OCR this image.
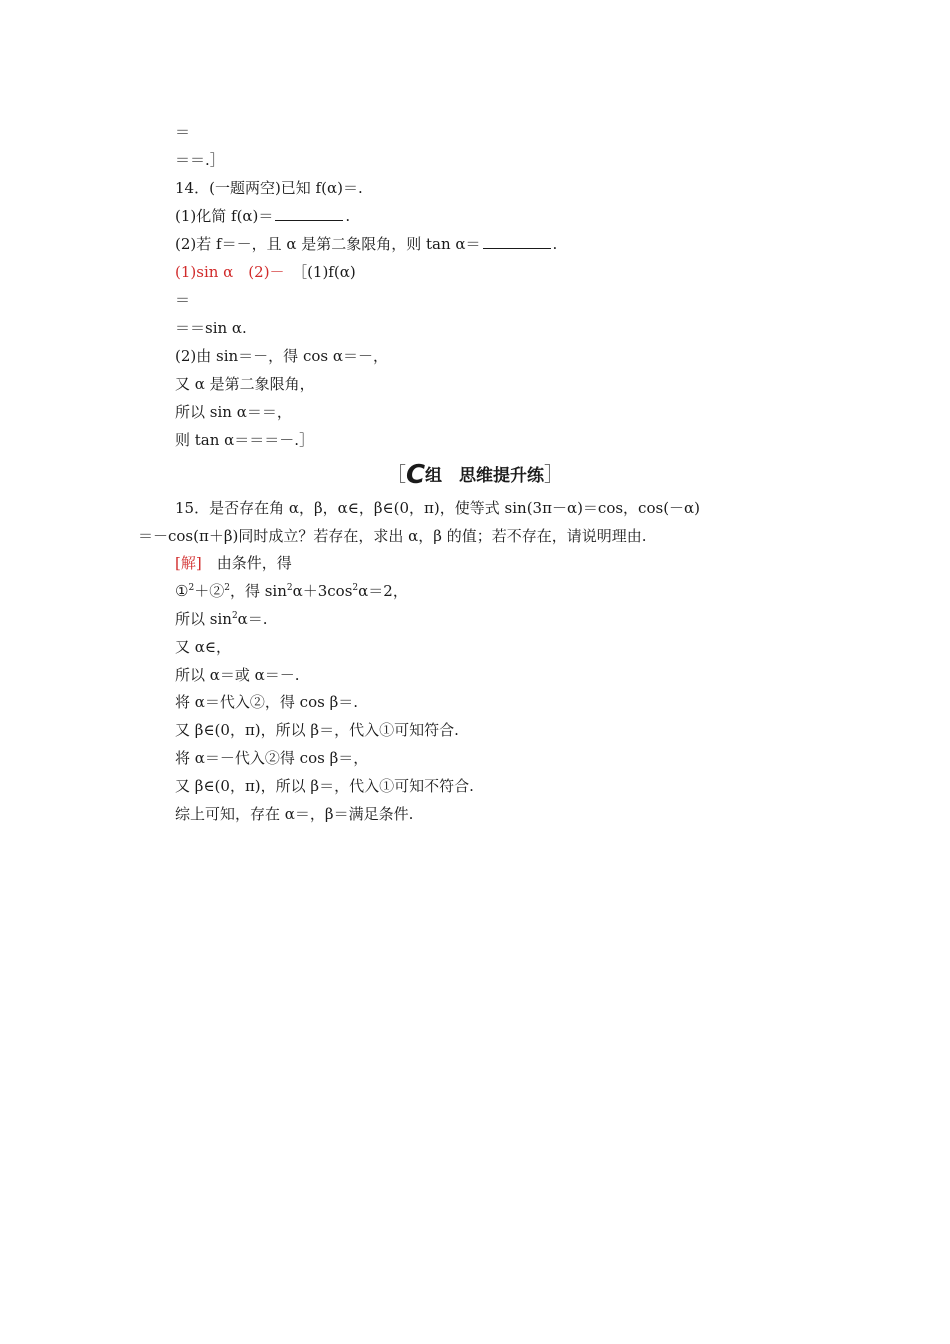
＝
＝＝.］
14．(一题两空)已知 f(α)＝.
(1)化简 f(α)＝	.
(2)若 f＝－，且 α 是第二象限角，则 tan α＝	.
(1)sin α　(2)－　［(1)f(α)
＝
＝＝sin α.
(2)由 sin＝－，得 cos α＝－，
又 α 是第二象限角，
所以 sin α＝＝，
则 tan α＝＝＝－.］
［C组　思维提升练］
15．是否存在角 α，β，α∈，β∈(0，π)，使等式 sin(3π－α)＝cos，cos(－α)
＝－cos(π＋β)同时成立？若存在，求出 α，β 的值；若不存在，请说明理由.
[解]　由条件，得
①$^2$＋②$^2$，得 $\sin^2\alpha+3\cos^2\alpha=2$，
所以 $\sin^2\alpha=$.
又 α∈，
所以 α＝或 α＝－.
将 α＝代入②，得 cos β＝.
又 β∈(0，π)，所以 β＝，代入①可知符合.
将 α＝－代入②得 cos β＝，
又 β∈(0，π)，所以 β＝，代入①可知不符合.
综上可知，存在 α＝，β＝满足条件.
